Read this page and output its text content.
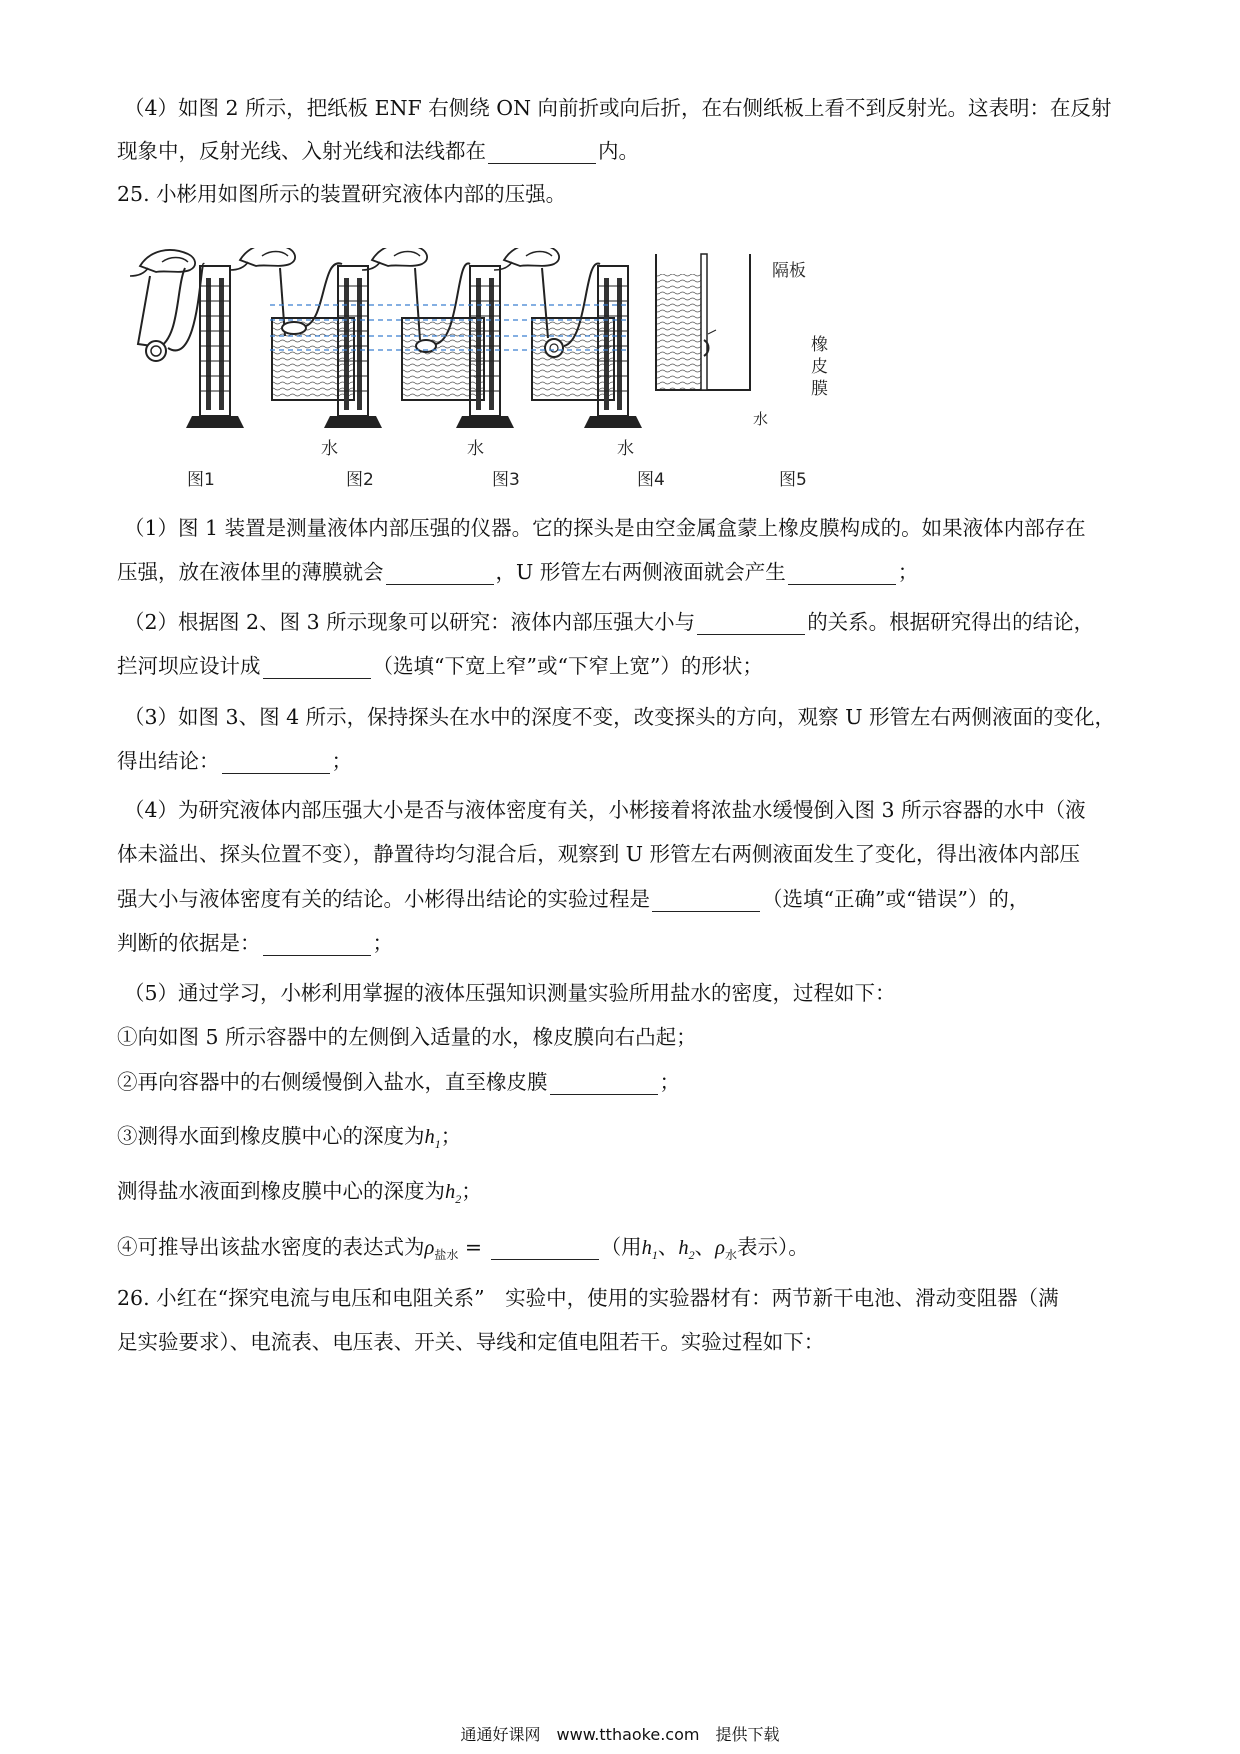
（4）如图 2 所示，把纸板 ENF 右侧绕 ON 向前折或向后折，在右侧纸板上看不到反射光。这表明：在反射
现象中，反射光线、入射光线和法线都在	内。
25. 小彬用如图所示的装置研究液体内部的压强。
图1	图2	图3	图4	图5
水	水	水
水
隔板
橡皮膜
（1）图 1 装置是测量液体内部压强的仪器。它的探头是由空金属盒蒙上橡皮膜构成的。如果液体内部存在
压强，放在液体里的薄膜就会	，U 形管左右两侧液面就会产生	；
（2）根据图 2、图 3 所示现象可以研究：液体内部压强大小与	的关系。根据研究得出的结论，
拦河坝应设计成	（选填“下宽上窄”或“下窄上宽”）的形状；
（3）如图 3、图 4 所示，保持探头在水中的深度不变，改变探头的方向，观察 U 形管左右两侧液面的变化，
得出结论：	；
（4）为研究液体内部压强大小是否与液体密度有关，小彬接着将浓盐水缓慢倒入图 3 所示容器的水中（液
体未溢出、探头位置不变），静置待均匀混合后，观察到 U 形管左右两侧液面发生了变化，得出液体内部压
强大小与液体密度有关的结论。小彬得出结论的实验过程是	（选填“正确”或“错误”）的，
判断的依据是：	；
（5）通过学习，小彬利用掌握的液体压强知识测量实验所用盐水的密度，过程如下：
①向如图 5 所示容器中的左侧倒入适量的水，橡皮膜向右凸起；
②再向容器中的右侧缓慢倒入盐水，直至橡皮膜	；
③测得水面到橡皮膜中心的深度为$h_1$；
测得盐水液面到橡皮膜中心的深度为$h_2$；
④可推导出该盐水密度的表达式为$\rho_{盐水}$ =	（用$h_1$、$h_2$、$\rho_水$表示）。
26. 小红在“探究电流与电压和电阻关系”　实验中，使用的实验器材有：两节新干电池、滑动变阻器（满
足实验要求）、电流表、电压表、开关、导线和定值电阻若干。实验过程如下：
通通好课网　www.tthaoke.com　提供下载
